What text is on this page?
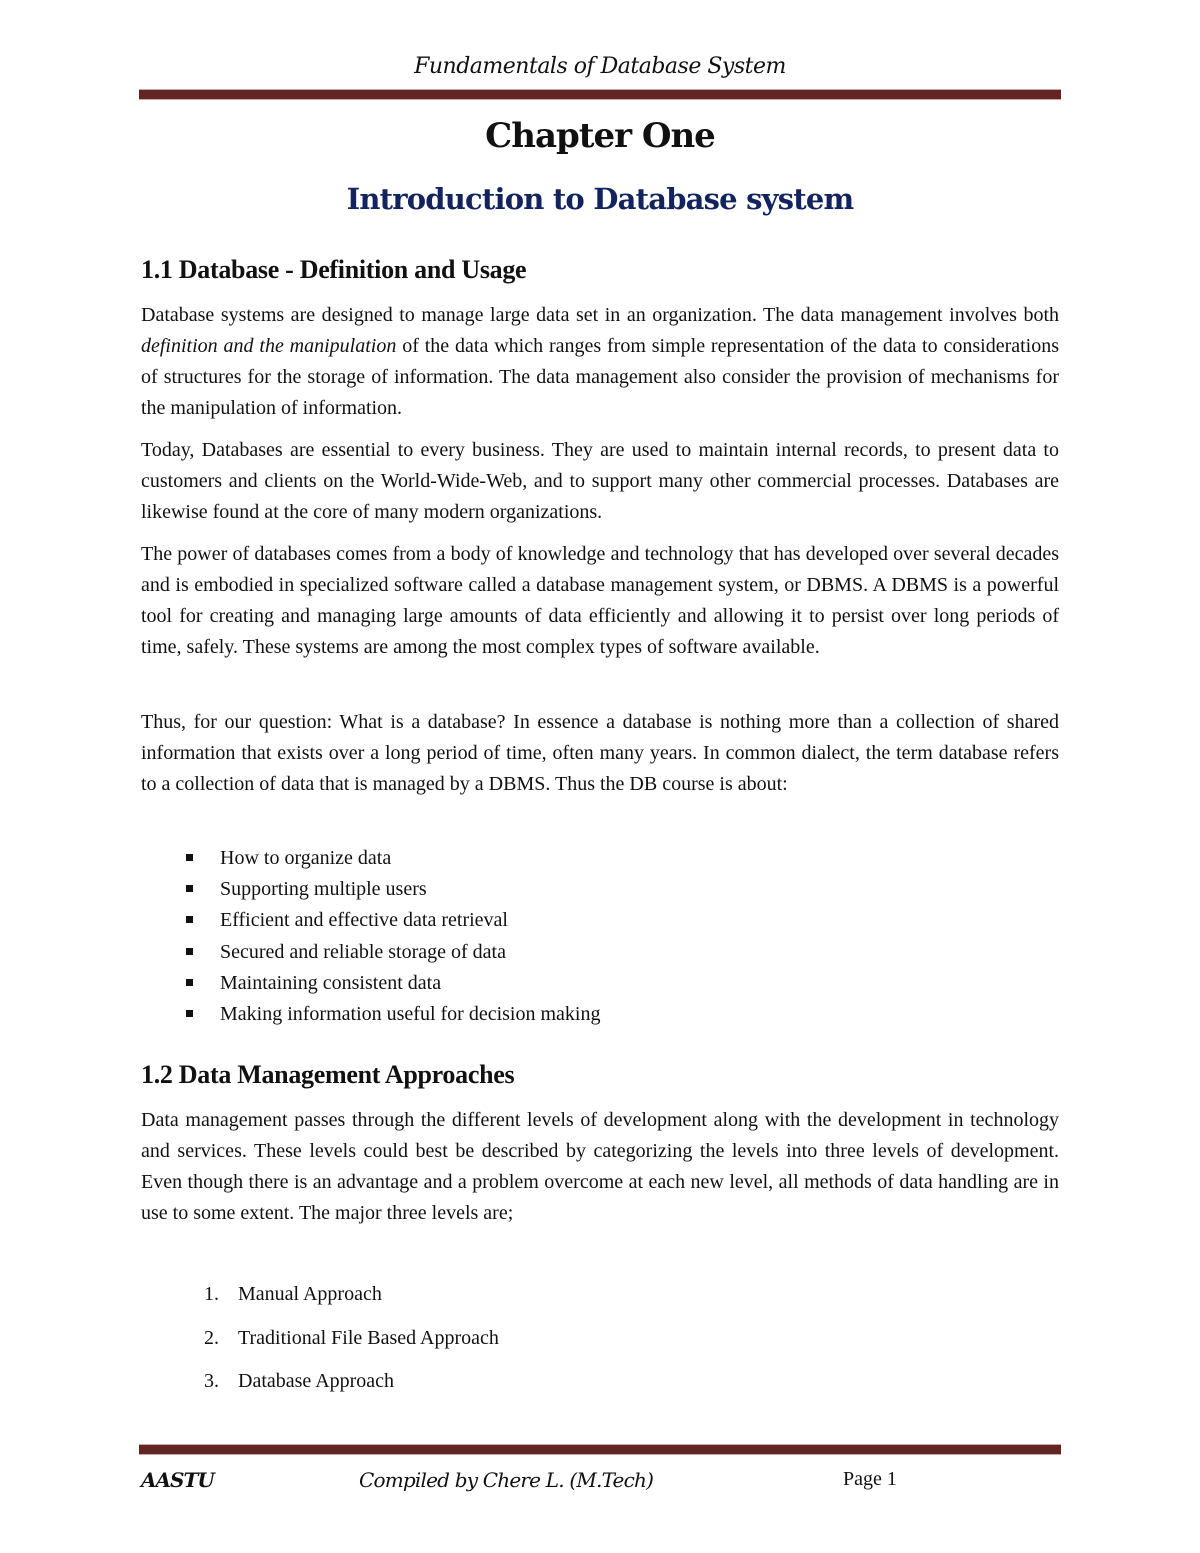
Fundamentals of Database System
Chapter One
Introduction to Database system
1.1 Database - Definition and Usage

Database systems are designed to manage large data set in an organization. The data management involves both definition and the manipulation of the data which ranges from simple representation of the data to considerations of structures for the storage of information. The data management also consider the provision of mechanisms for the manipulation of information.

Today, Databases are essential to every business. They are used to maintain internal records, to present data to customers and clients on the World-Wide-Web, and to support many other commercial processes. Databases are likewise found at the core of many modern organizations.

The power of databases comes from a body of knowledge and technology that has developed over several decades and is embodied in specialized software called a database management system, or DBMS. A DBMS is a powerful tool for creating and managing large amounts of data efficiently and allowing it to persist over long periods of time, safely. These systems are among the most complex types of software available.

Thus, for our question: What is a database? In essence a database is nothing more than a collection of shared information that exists over a long period of time, often many years. In common dialect, the term database refers to a collection of data that is managed by a DBMS. Thus the DB course is about:

How to organize data
Supporting multiple users
Efficient and effective data retrieval
Secured and reliable storage of data
Maintaining consistent data
Making information useful for decision making
1.2 Data Management Approaches

Data management passes through the different levels of development along with the development in technology and services. These levels could best be described by categorizing the levels into three levels of development. Even though there is an advantage and a problem overcome at each new level, all methods of data handling are in use to some extent. The major three levels are;

1. Manual Approach
2. Traditional File Based Approach
3. Database Approach
AASTU	Compiled by Chere L. (M.Tech)	Page 1
